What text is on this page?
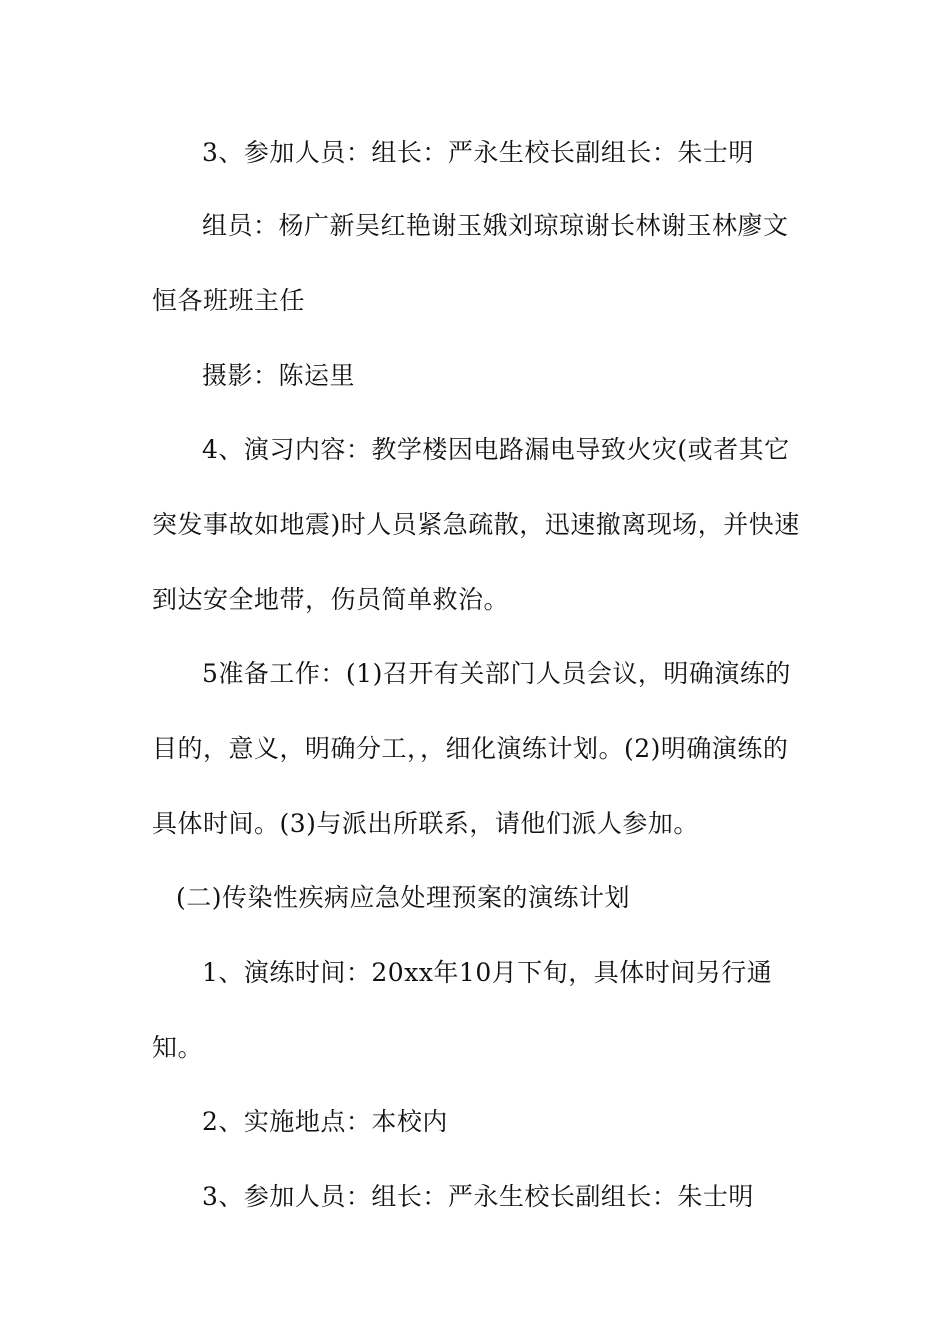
3、参加人员：组长：严永生校长副组长：朱士明
组员：杨广新吴红艳谢玉娥刘琼琼谢长林谢玉林廖文
恒各班班主任
摄影：陈运里
4、演习内容：教学楼因电路漏电导致火灾(或者其它
突发事故如地震)时人员紧急疏散，迅速撤离现场，并快速
到达安全地带，伤员简单救治。
5准备工作：(1)召开有关部门人员会议，明确演练的
目的，意义，明确分工，，细化演练计划。(2)明确演练的
具体时间。(3)与派出所联系，请他们派人参加。
(二)传染性疾病应急处理预案的演练计划
1、演练时间：20xx年10月下旬，具体时间另行通
知。
2、实施地点：本校内
3、参加人员：组长：严永生校长副组长：朱士明
